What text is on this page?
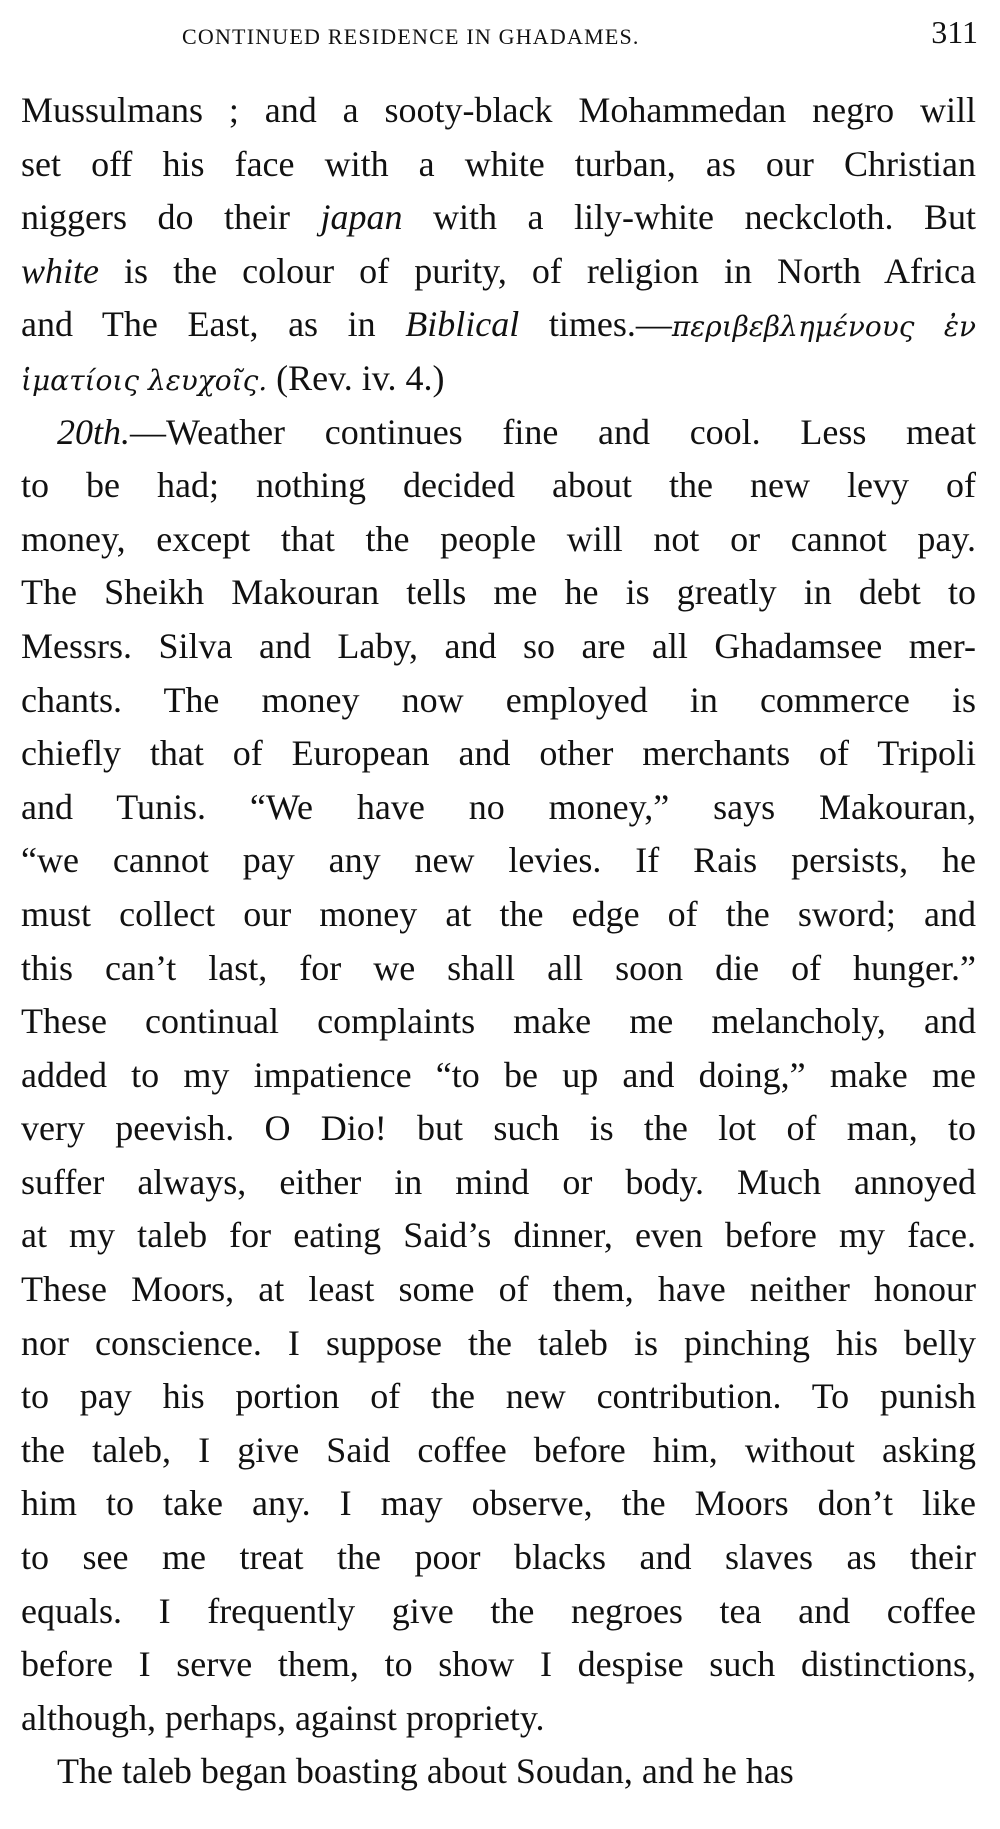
CONTINUED RESIDENCE IN GHADAMES.	311
Mussulmans ; and a sooty-black Mohammedan negro will
set off his face with a white turban, as our Christian
niggers do their japan with a lily-white neckcloth. But
white is the colour of purity, of religion in North Africa
and The East, as in Biblical times.—περιβεβλημένους ἐν
ἱματίοις λευχοῖς. (Rev. iv. 4.)
20th.—Weather continues fine and cool. Less meat
to be had; nothing decided about the new levy of
money, except that the people will not or cannot pay.
The Sheikh Makouran tells me he is greatly in debt to
Messrs. Silva and Laby, and so are all Ghadamsee mer-
chants. The money now employed in commerce is
chiefly that of European and other merchants of Tripoli
and Tunis. “We have no money,” says Makouran,
“we cannot pay any new levies. If Rais persists, he
must collect our money at the edge of the sword; and
this can’t last, for we shall all soon die of hunger.”
These continual complaints make me melancholy, and
added to my impatience “to be up and doing,” make me
very peevish. O Dio! but such is the lot of man, to
suffer always, either in mind or body. Much annoyed
at my taleb for eating Said’s dinner, even before my face.
These Moors, at least some of them, have neither honour
nor conscience. I suppose the taleb is pinching his belly
to pay his portion of the new contribution. To punish
the taleb, I give Said coffee before him, without asking
him to take any. I may observe, the Moors don’t like
to see me treat the poor blacks and slaves as their
equals. I frequently give the negroes tea and coffee
before I serve them, to show I despise such distinctions,
although, perhaps, against propriety.
The taleb began boasting about Soudan, and he has
